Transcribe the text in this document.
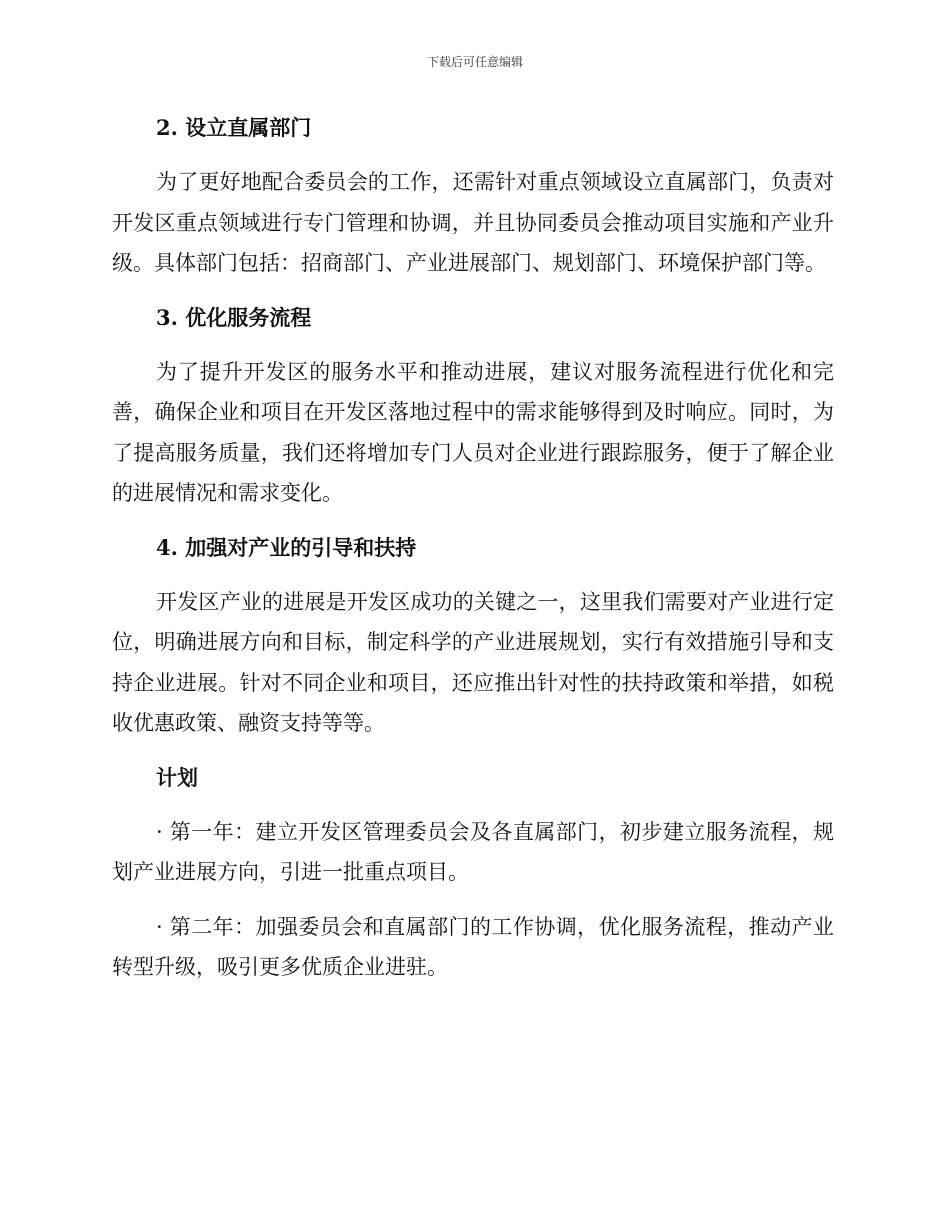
下载后可任意编辑
2. 设立直属部门

为了更好地配合委员会的工作，还需针对重点领域设立直属部门，负责对开发区重点领域进行专门管理和协调，并且协同委员会推动项目实施和产业升级。具体部门包括：招商部门、产业进展部门、规划部门、环境保护部门等。

3. 优化服务流程

为了提升开发区的服务水平和推动进展，建议对服务流程进行优化和完善，确保企业和项目在开发区落地过程中的需求能够得到及时响应。同时，为了提高服务质量，我们还将增加专门人员对企业进行跟踪服务，便于了解企业的进展情况和需求变化。

4. 加强对产业的引导和扶持

开发区产业的进展是开发区成功的关键之一，这里我们需要对产业进行定位，明确进展方向和目标，制定科学的产业进展规划，实行有效措施引导和支持企业进展。针对不同企业和项目，还应推出针对性的扶持政策和举措，如税收优惠政策、融资支持等等。

计划

· 第一年：建立开发区管理委员会及各直属部门，初步建立服务流程，规划产业进展方向，引进一批重点项目。

· 第二年：加强委员会和直属部门的工作协调，优化服务流程，推动产业转型升级，吸引更多优质企业进驻。
